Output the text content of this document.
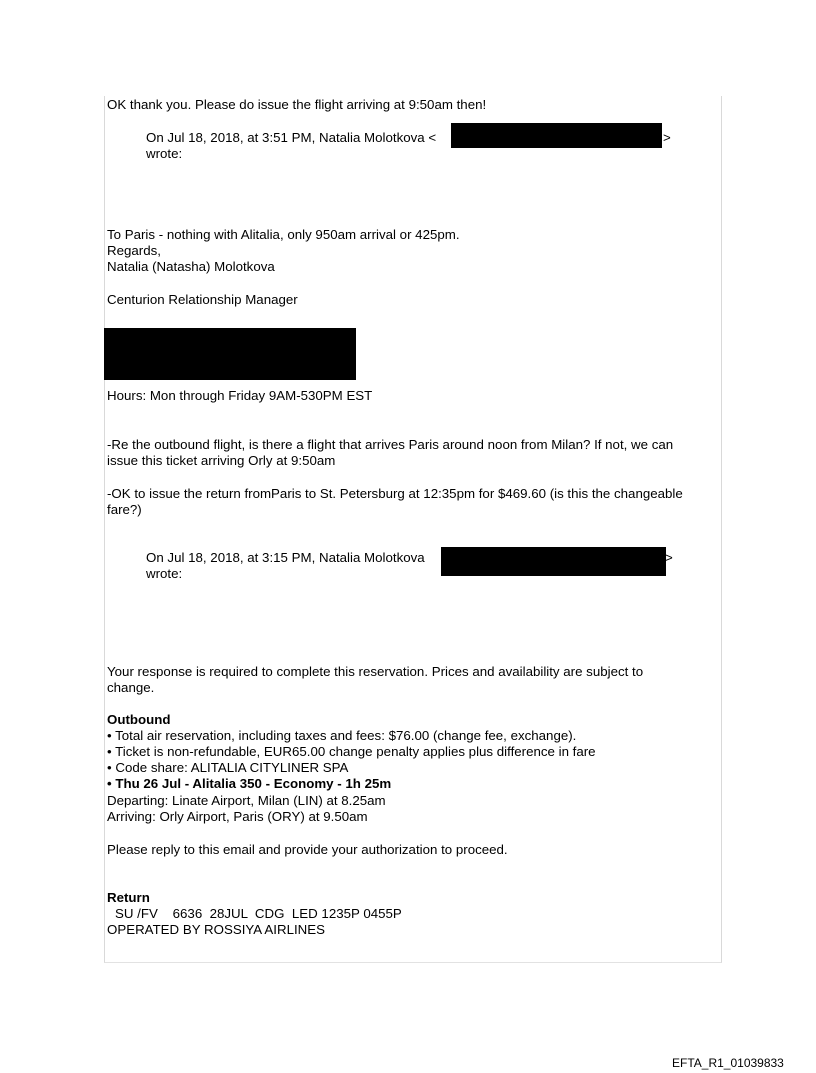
OK thank you. Please do issue the flight arriving at 9:50am then!
On Jul 18, 2018, at 3:51 PM, Natalia Molotkova <	>
wrote:
To Paris - nothing with Alitalia, only 950am arrival or 425pm.
Regards,
Natalia (Natasha) Molotkova
Centurion Relationship Manager
Hours: Mon through Friday 9AM-530PM EST
-Re the outbound flight, is there a flight that arrives Paris around noon from Milan? If not, we can
issue this ticket arriving Orly at 9:50am
-OK to issue the return fromParis to St. Petersburg at 12:35pm for $469.60 (is this the changeable
fare?)
On Jul 18, 2018, at 3:15 PM, Natalia Molotkova	>
wrote:
Your response is required to complete this reservation. Prices and availability are subject to
change.
Outbound
• Total air reservation, including taxes and fees: $76.00 (change fee, exchange).
• Ticket is non-refundable, EUR65.00 change penalty applies plus difference in fare
• Code share: ALITALIA CITYLINER SPA
• Thu 26 Jul - Alitalia 350 - Economy - 1h 25m
Departing: Linate Airport, Milan (LIN) at 8.25am
Arriving: Orly Airport, Paris (ORY) at 9.50am
Please reply to this email and provide your authorization to proceed.
Return
SU /FV    6636  28JUL  CDG  LED 1235P 0455P
OPERATED BY ROSSIYA AIRLINES
EFTA_R1_01039833
